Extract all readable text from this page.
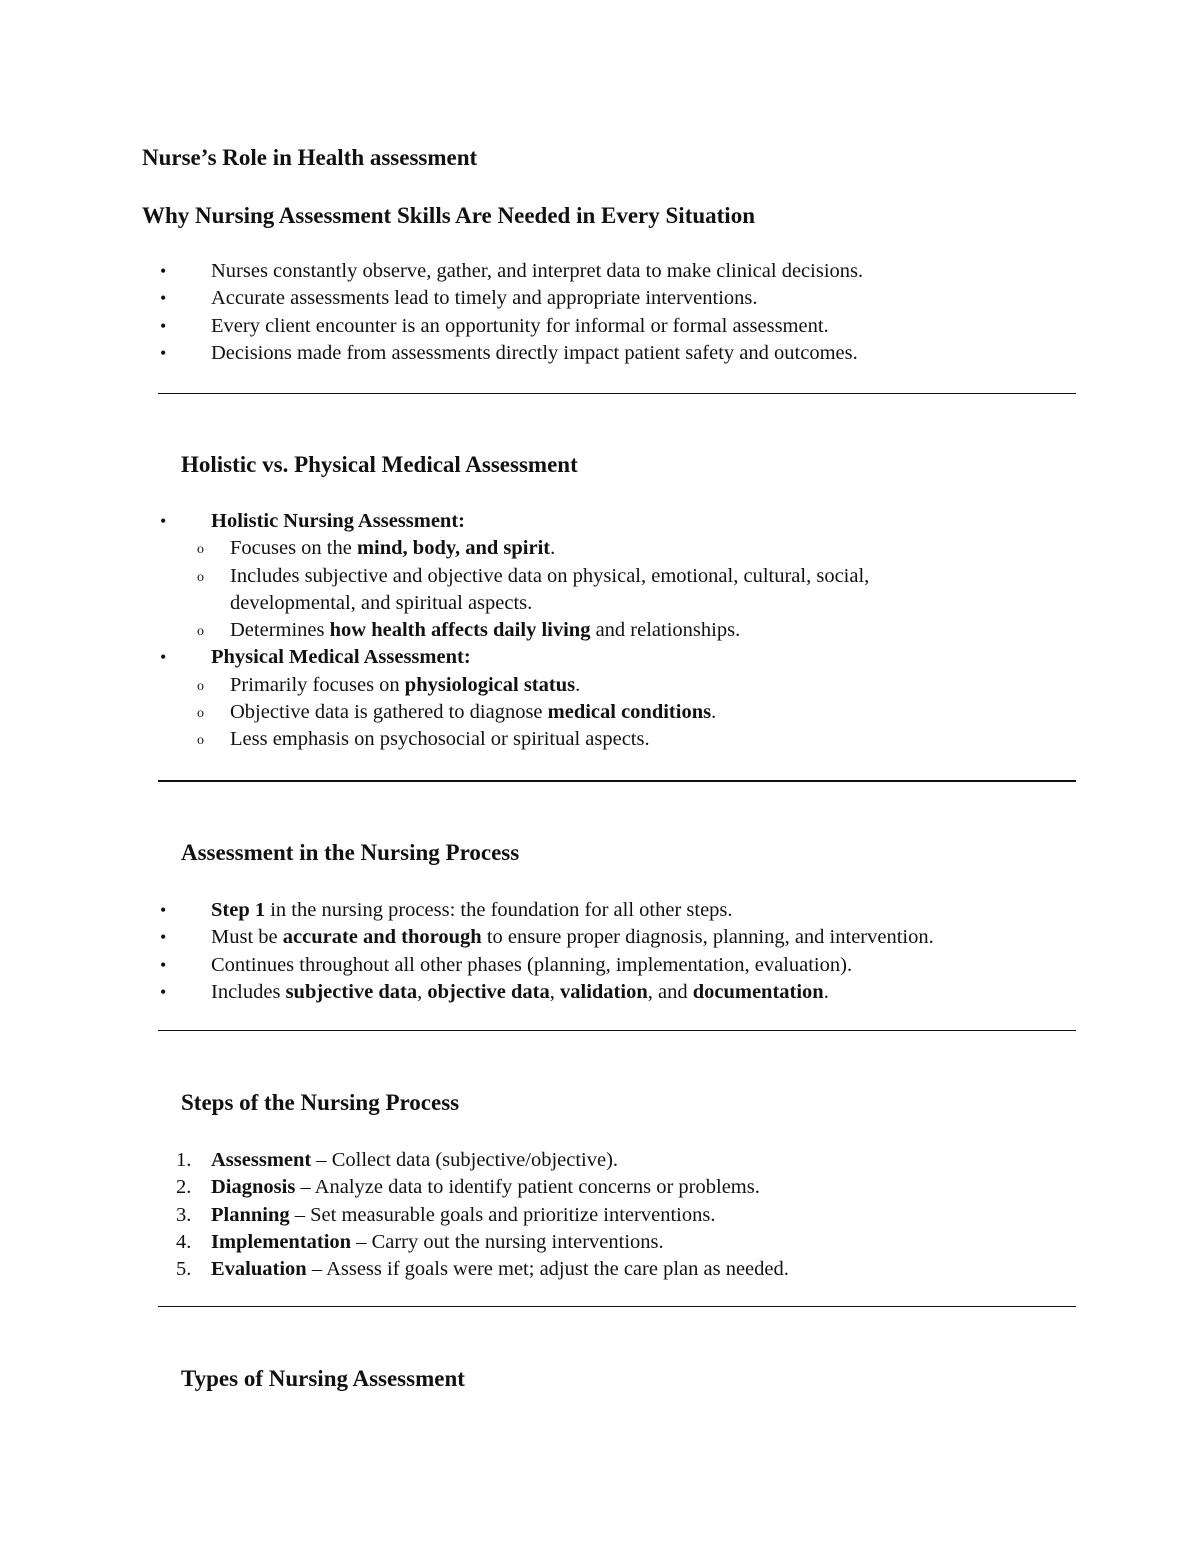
Nurse’s Role in Health assessment
Why Nursing Assessment Skills Are Needed in Every Situation
•	Nurses constantly observe, gather, and interpret data to make clinical decisions.
•	Accurate assessments lead to timely and appropriate interventions.
•	Every client encounter is an opportunity for informal or formal assessment.
•	Decisions made from assessments directly impact patient safety and outcomes.
Holistic vs. Physical Medical Assessment
•	Holistic Nursing Assessment:
o Focuses on the mind, body, and spirit.
o Includes subjective and objective data on physical, emotional, cultural, social, developmental, and spiritual aspects.
o Determines how health affects daily living and relationships.
•	Physical Medical Assessment:
o Primarily focuses on physiological status.
o Objective data is gathered to diagnose medical conditions.
o Less emphasis on psychosocial or spiritual aspects.
Assessment in the Nursing Process
•	Step 1 in the nursing process: the foundation for all other steps.
•	Must be accurate and thorough to ensure proper diagnosis, planning, and intervention.
•	Continues throughout all other phases (planning, implementation, evaluation).
•	Includes subjective data, objective data, validation, and documentation.
Steps of the Nursing Process
1. Assessment – Collect data (subjective/objective).
2. Diagnosis – Analyze data to identify patient concerns or problems.
3. Planning – Set measurable goals and prioritize interventions.
4. Implementation – Carry out the nursing interventions.
5. Evaluation – Assess if goals were met; adjust the care plan as needed.
Types of Nursing Assessment
